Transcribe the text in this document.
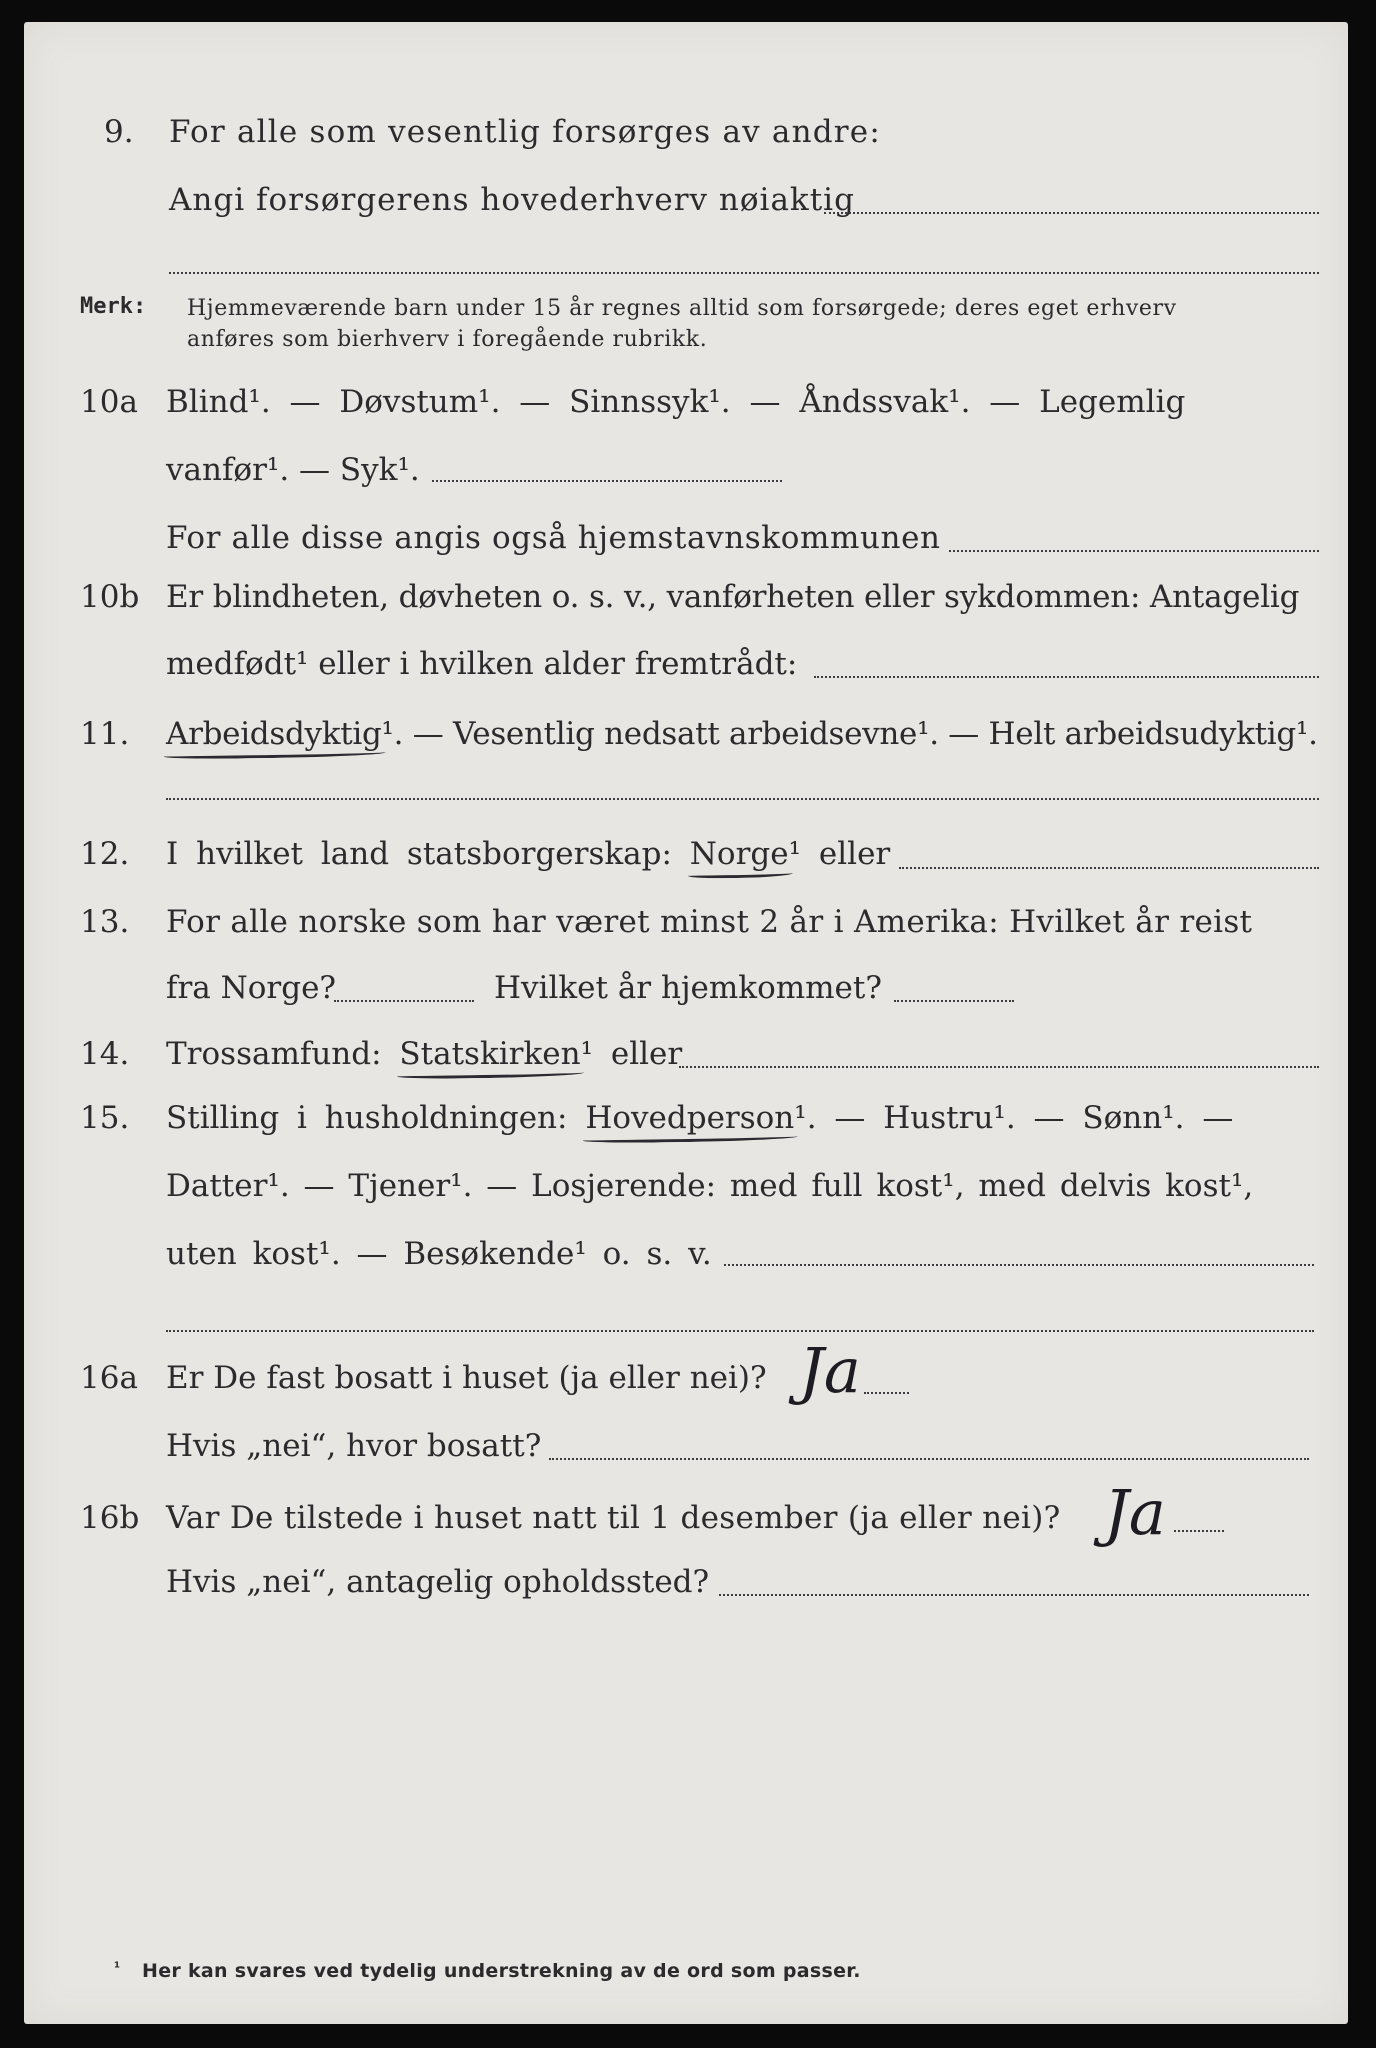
9. For alle som vesentlig forsørges av andre:
Angi forsørgerens hovederhverv nøiaktig
Merk: Hjemmeværende barn under 15 år regnes alltid som forsørgede; deres eget erhverv
anføres som bierhverv i foregående rubrikk.
10a Blind¹. — Døvstum¹. — Sinnssyk¹. — Åndssvak¹. — Legemlig
vanfør¹. — Syk¹.
For alle disse angis også hjemstavnskommunen
10b Er blindheten, døvheten o. s. v., vanførheten eller sykdommen: Antagelig
medfødt¹ eller i hvilken alder fremtrådt:
11. Arbeidsdyktig¹. — Vesentlig nedsatt arbeidsevne¹. — Helt arbeidsudyktig¹.
12. I hvilket land statsborgerskap: Norge¹ eller
13. For alle norske som har været minst 2 år i Amerika: Hvilket år reist
fra Norge?	Hvilket år hjemkommet?
14. Trossamfund: Statskirken¹ eller
15. Stilling i husholdningen: Hovedperson¹. — Hustru¹. — Sønn¹. —
Datter¹. — Tjener¹. — Losjerende: med full kost¹, med delvis kost¹,
uten kost¹. — Besøkende¹ o. s. v.
16a Er De fast bosatt i huset (ja eller nei)? Ja
Hvis „nei“, hvor bosatt?
16b Var De tilstede i huset natt til 1 desember (ja eller nei)? Ja
Hvis „nei“, antagelig opholdssted?
¹ Her kan svares ved tydelig understrekning av de ord som passer.
